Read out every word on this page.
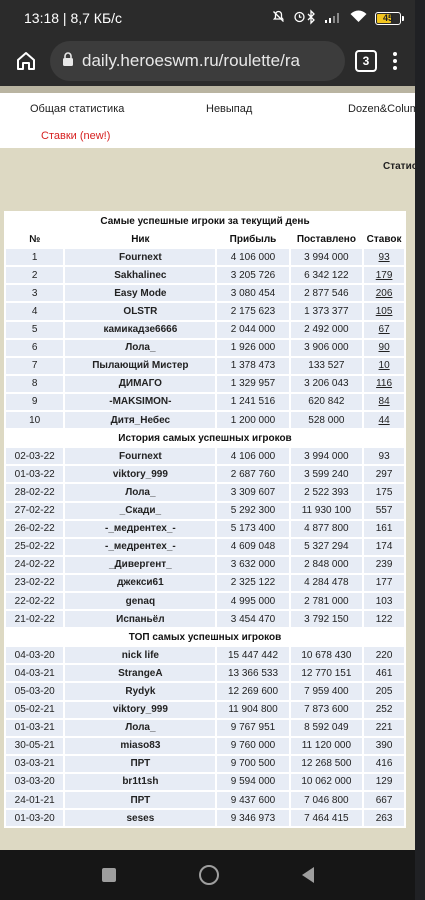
13:18 | 8,7 КБ/с	45
daily.heroeswm.ru/roulette/ra	3
Общая статистика	Невыпад	Dozen&Column
Ставки (new!)
Статис
Самые успешные игроки за текущий день				
№	Ник	Прибыль	Поставлено	Ставок
1	Fournext	4 106 000	3 994 000	93
2	Sakhalinec	3 205 726	6 342 122	179
3	Easy Mode	3 080 454	2 877 546	206
4	OLSTR	2 175 623	1 373 377	105
5	камикадзе6666	2 044 000	2 492 000	67
6	Лола_	1 926 000	3 906 000	90
7	Пылающий Мистер	1 378 473	133 527	10
8	ДИМАГО	1 329 957	3 206 043	116
9	-MAKSIMON-	1 241 516	620 842	84
10	Дитя_Небес	1 200 000	528 000	44
История самых успешных игроков				
02-03-22	Fournext	4 106 000	3 994 000	93
01-03-22	viktory_999	2 687 760	3 599 240	297
28-02-22	Лола_	3 309 607	2 522 393	175
27-02-22	_Скади_	5 292 300	11 930 100	557
26-02-22	-_медрентех_-	5 173 400	4 877 800	161
25-02-22	-_медрентех_-	4 609 048	5 327 294	174
24-02-22	_Дивергент_	3 632 000	2 848 000	239
23-02-22	джекси61	2 325 122	4 284 478	177
22-02-22	genaq	4 995 000	2 781 000	103
21-02-22	Испаньёл	3 454 470	3 792 150	122
ТОП самых успешных игроков				
04-03-20	nick life	15 447 442	10 678 430	220
04-03-21	StrangeA	13 366 533	12 770 151	461
05-03-20	Rydyk	12 269 600	7 959 400	205
05-02-21	viktory_999	11 904 800	7 873 600	252
01-03-21	Лола_	9 767 951	8 592 049	221
30-05-21	miaso83	9 760 000	11 120 000	390
03-03-21	ПРТ	9 700 500	12 268 500	416
03-03-20	br1t1sh	9 594 000	10 062 000	129
24-01-21	ПРТ	9 437 600	7 046 800	667
01-03-20	seses	9 346 973	7 464 415	263
